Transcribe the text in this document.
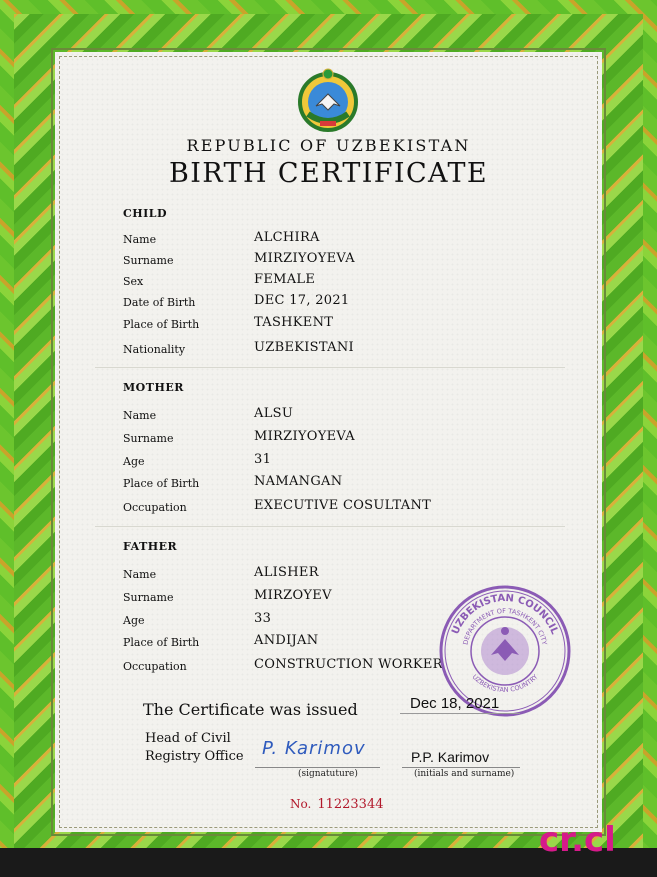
REPUBLIC OF UZBEKISTAN
BIRTH CERTIFICATE
CHILD
Name	ALCHIRA
Surname	MIRZIYOYEVA
Sex	FEMALE
Date of Birth	DEC 17, 2021
Place of Birth	TASHKENT
Nationality	UZBEKISTANI
MOTHER
Name	ALSU
Surname	MIRZIYOYEVA
Age	31
Place of Birth	NAMANGAN
Occupation	EXECUTIVE COSULTANT
FATHER
Name	ALISHER
Surname	MIRZOYEV
Age	33
Place of Birth	ANDIJAN
Occupation	CONSTRUCTION WORKER
UZBEKISTAN COUNCIL
DEPARTMENT OF TASHKENT CITY
UZBEKISTAN COUNTRY
The Certificate was issued	Dec 18, 2021
Head of Civil
Registry Office P. Karimov
(signatuture)
P.P. Karimov
(initials and surname)
No. 11223344
cr.cl
